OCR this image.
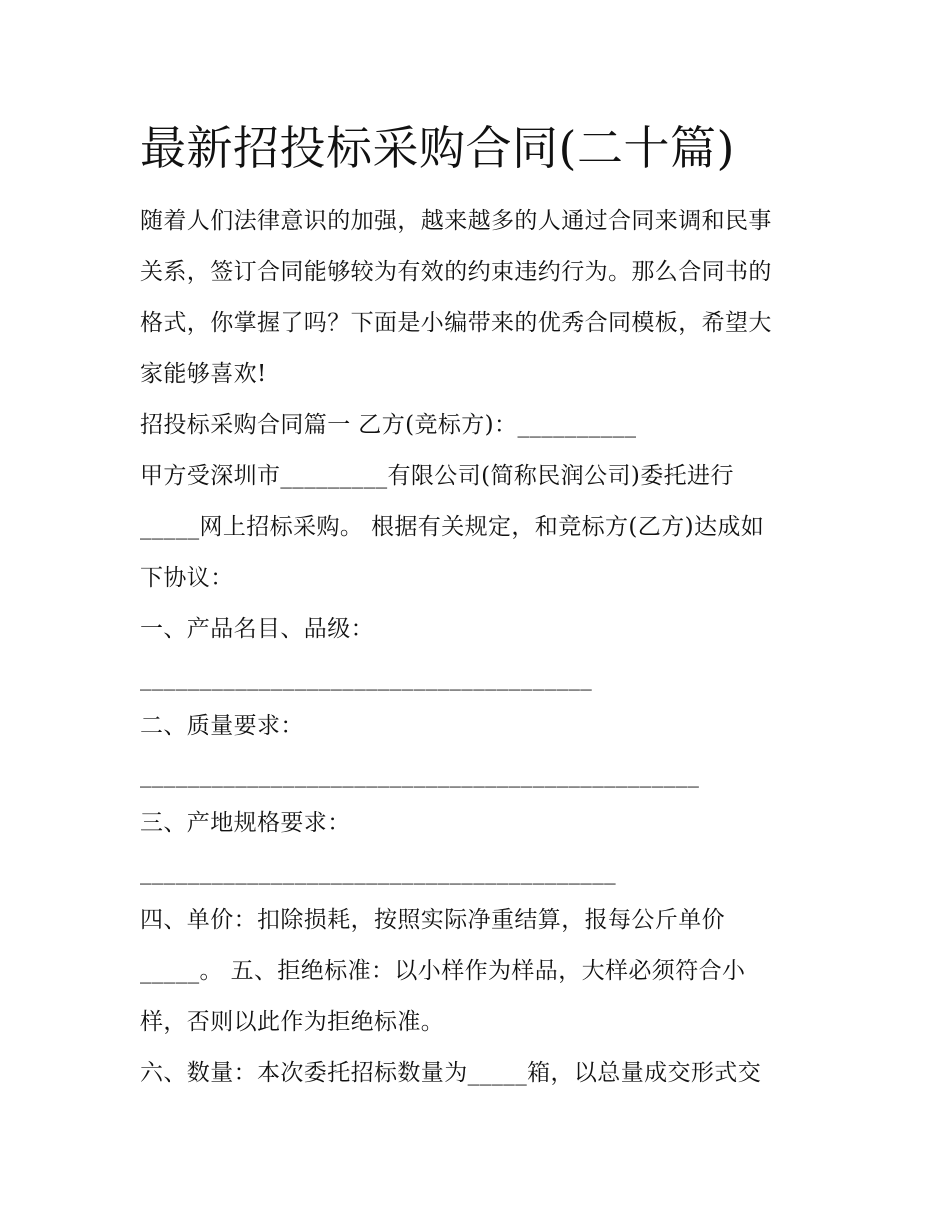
最新招投标采购合同(二十篇)
随着人们法律意识的加强，越来越多的人通过合同来调和民事
关系，签订合同能够较为有效的约束违约行为。那么合同书的
格式，你掌握了吗？下面是小编带来的优秀合同模板，希望大
家能够喜欢!
招投标采购合同篇一 乙方(竞标方)：__________
甲方受深圳市_________有限公司(简称民润公司)委托进行
_____网上招标采购。 根据有关规定，和竞标方(乙方)达成如
下协议：
一、产品名目、品级：
______________________________________
二、质量要求：
_______________________________________________
三、产地规格要求：
________________________________________
四、单价：扣除损耗，按照实际净重结算，报每公斤单价
_____。 五、拒绝标准：以小样作为样品，大样必须符合小
样，否则以此作为拒绝标准。
六、数量：本次委托招标数量为_____箱，以总量成交形式交
